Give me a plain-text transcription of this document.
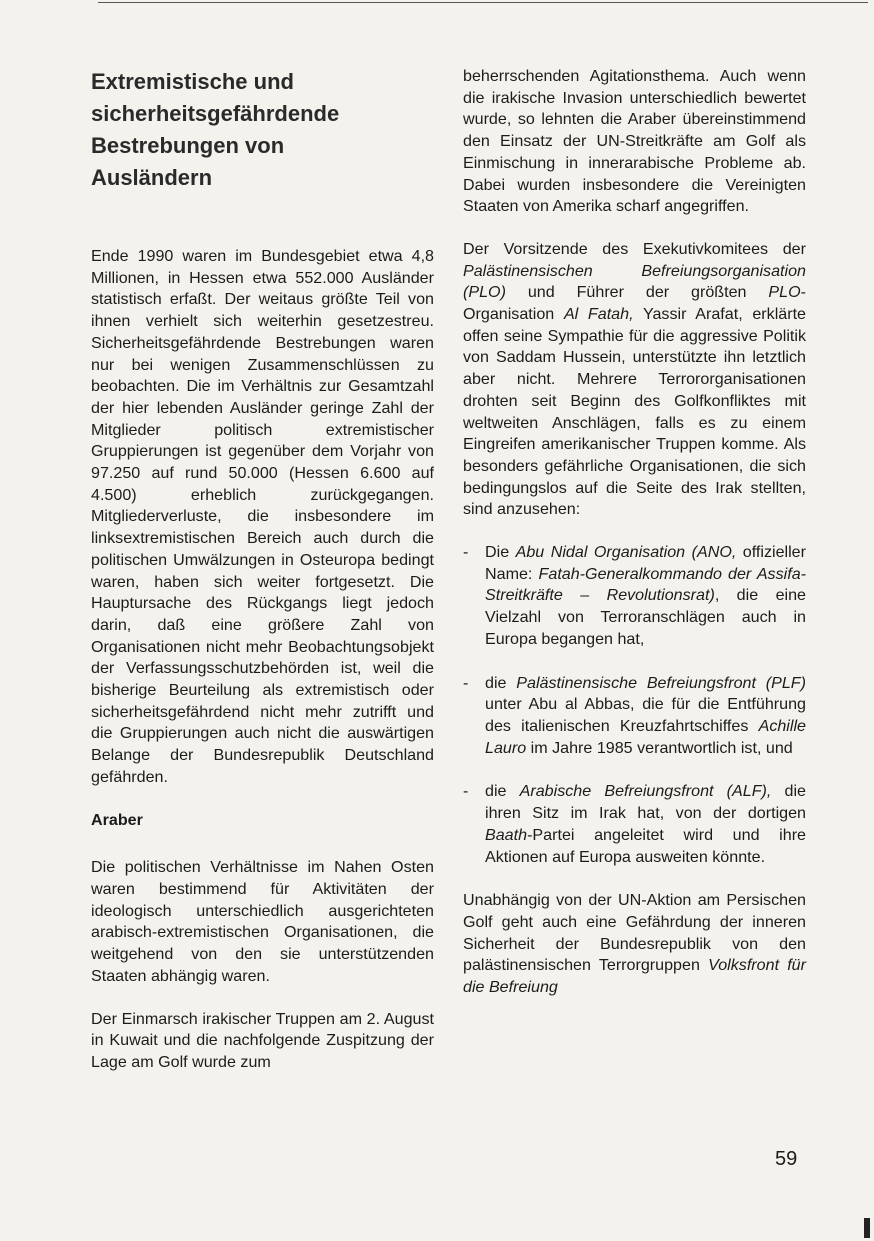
Extremistische und
sicherheitsgefährdende
Bestrebungen von
Ausländern

Ende 1990 waren im Bundesgebiet etwa 4,8 Millionen, in Hessen etwa 552.000 Ausländer statistisch erfaßt. Der weitaus größte Teil von ihnen verhielt sich weiterhin gesetzestreu. Sicherheitsgefährdende Bestrebungen waren nur bei wenigen Zusammenschlüssen zu beobachten. Die im Verhältnis zur Gesamtzahl der hier lebenden Ausländer geringe Zahl der Mitglieder politisch extremistischer Gruppierungen ist gegenüber dem Vorjahr von 97.250 auf rund 50.000 (Hessen 6.600 auf 4.500) erheblich zurückgegangen. Mitgliederverluste, die insbesondere im linksextremistischen Bereich auch durch die politischen Umwälzungen in Osteuropa bedingt waren, haben sich weiter fortgesetzt. Die Hauptursache des Rückgangs liegt jedoch darin, daß eine größere Zahl von Organisationen nicht mehr Beobachtungsobjekt der Verfassungsschutzbehörden ist, weil die bisherige Beurteilung als extremistisch oder sicherheitsgefährdend nicht mehr zutrifft und die Gruppierungen auch nicht die auswärtigen Belange der Bundesrepublik Deutschland gefährden.

Araber

Die politischen Verhältnisse im Nahen Osten waren bestimmend für Aktivitäten der ideologisch unterschiedlich ausgerichteten arabisch-extremistischen Organisationen, die weitgehend von den sie unterstützenden Staaten abhängig waren.

Der Einmarsch irakischer Truppen am 2. August in Kuwait und die nachfolgende Zuspitzung der Lage am Golf wurde zum

beherrschenden Agitationsthema. Auch wenn die irakische Invasion unterschiedlich bewertet wurde, so lehnten die Araber übereinstimmend den Einsatz der UN-Streitkräfte am Golf als Einmischung in innerarabische Probleme ab. Dabei wurden insbesondere die Vereinigten Staaten von Amerika scharf angegriffen.

Der Vorsitzende des Exekutivkomitees der Palästinensischen Befreiungsorganisation (PLO) und Führer der größten PLO-Organisation Al Fatah, Yassir Arafat, erklärte offen seine Sympathie für die aggressive Politik von Saddam Hussein, unterstützte ihn letztlich aber nicht. Mehrere Terrororganisationen drohten seit Beginn des Golfkonfliktes mit weltweiten Anschlägen, falls es zu einem Eingreifen amerikanischer Truppen komme. Als besonders gefährliche Organisationen, die sich bedingungslos auf die Seite des Irak stellten, sind anzusehen:

- Die Abu Nidal Organisation (ANO, offizieller Name: Fatah-Generalkommando der Assifa-Streitkräfte – Revolutionsrat), die eine Vielzahl von Terroranschlägen auch in Europa begangen hat,
- die Palästinensische Befreiungsfront (PLF) unter Abu al Abbas, die für die Entführung des italienischen Kreuzfahrtschiffes Achille Lauro im Jahre 1985 verantwortlich ist, und
- die Arabische Befreiungsfront (ALF), die ihren Sitz im Irak hat, von der dortigen Baath-Partei angeleitet wird und ihre Aktionen auf Europa ausweiten könnte.

Unabhängig von der UN-Aktion am Persischen Golf geht auch eine Gefährdung der inneren Sicherheit der Bundesrepublik von den palästinensischen Terrorgruppen Volksfront für die Befreiung

59
